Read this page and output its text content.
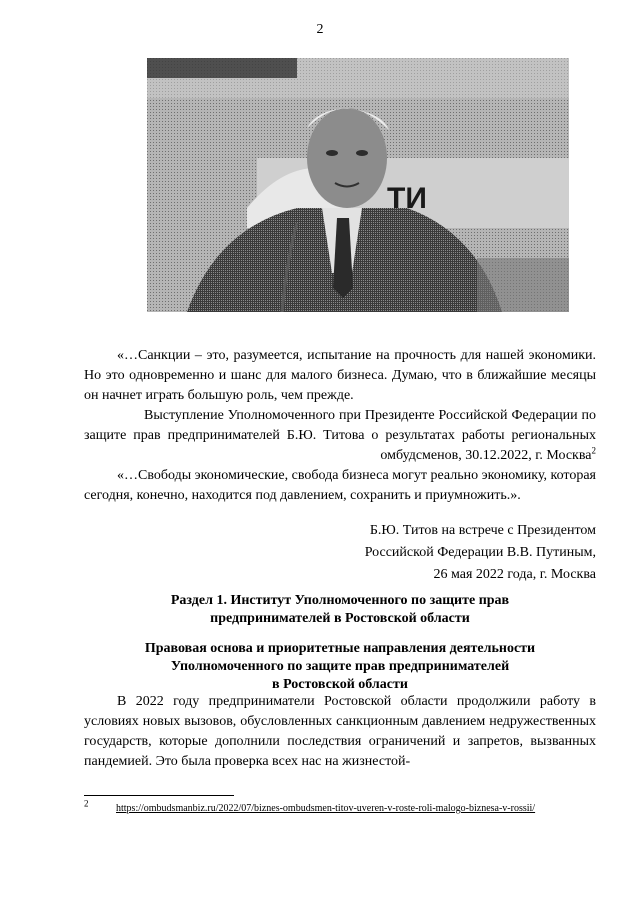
2
ТИ

«…Санкции – это, разумеется, испытание на прочность для нашей экономики. Но это одновременно и шанс для малого бизнеса. Думаю, что в ближайшие месяцы он начнет играть большую роль, чем прежде.

Выступление Уполномоченного при Президенте Российской Федерации по защите прав предпринимателей Б.Ю. Титова о результатах работы региональных омбудсменов, 30.12.2022, г. Москва$^2$

«…Свободы экономические, свобода бизнеса могут реально экономику, которая сегодня, конечно, находится под давлением, сохранить и приумножить.».

Б.Ю. Титов на встрече с Президентом
Российской Федерации В.В. Путиным,
26 мая 2022 года, г. Москва
Раздел 1. Институт Уполномоченного по защите прав
предпринимателей в Ростовской области
Правовая основа и приоритетные направления деятельности
Уполномоченного по защите прав предпринимателей
в Ростовской области

В 2022 году предприниматели Ростовской области продолжили работу в условиях новых вызовов, обусловленных санкционным давлением недружественных государств, которые дополнили последствия ограничений и запретов, вызванных пандемией. Это была проверка всех нас на жизнестой-

$^2$	https://ombudsmanbiz.ru/2022/07/biznes-ombudsmen-titov-uveren-v-roste-roli-malogo-biznesa-v-rossii/
